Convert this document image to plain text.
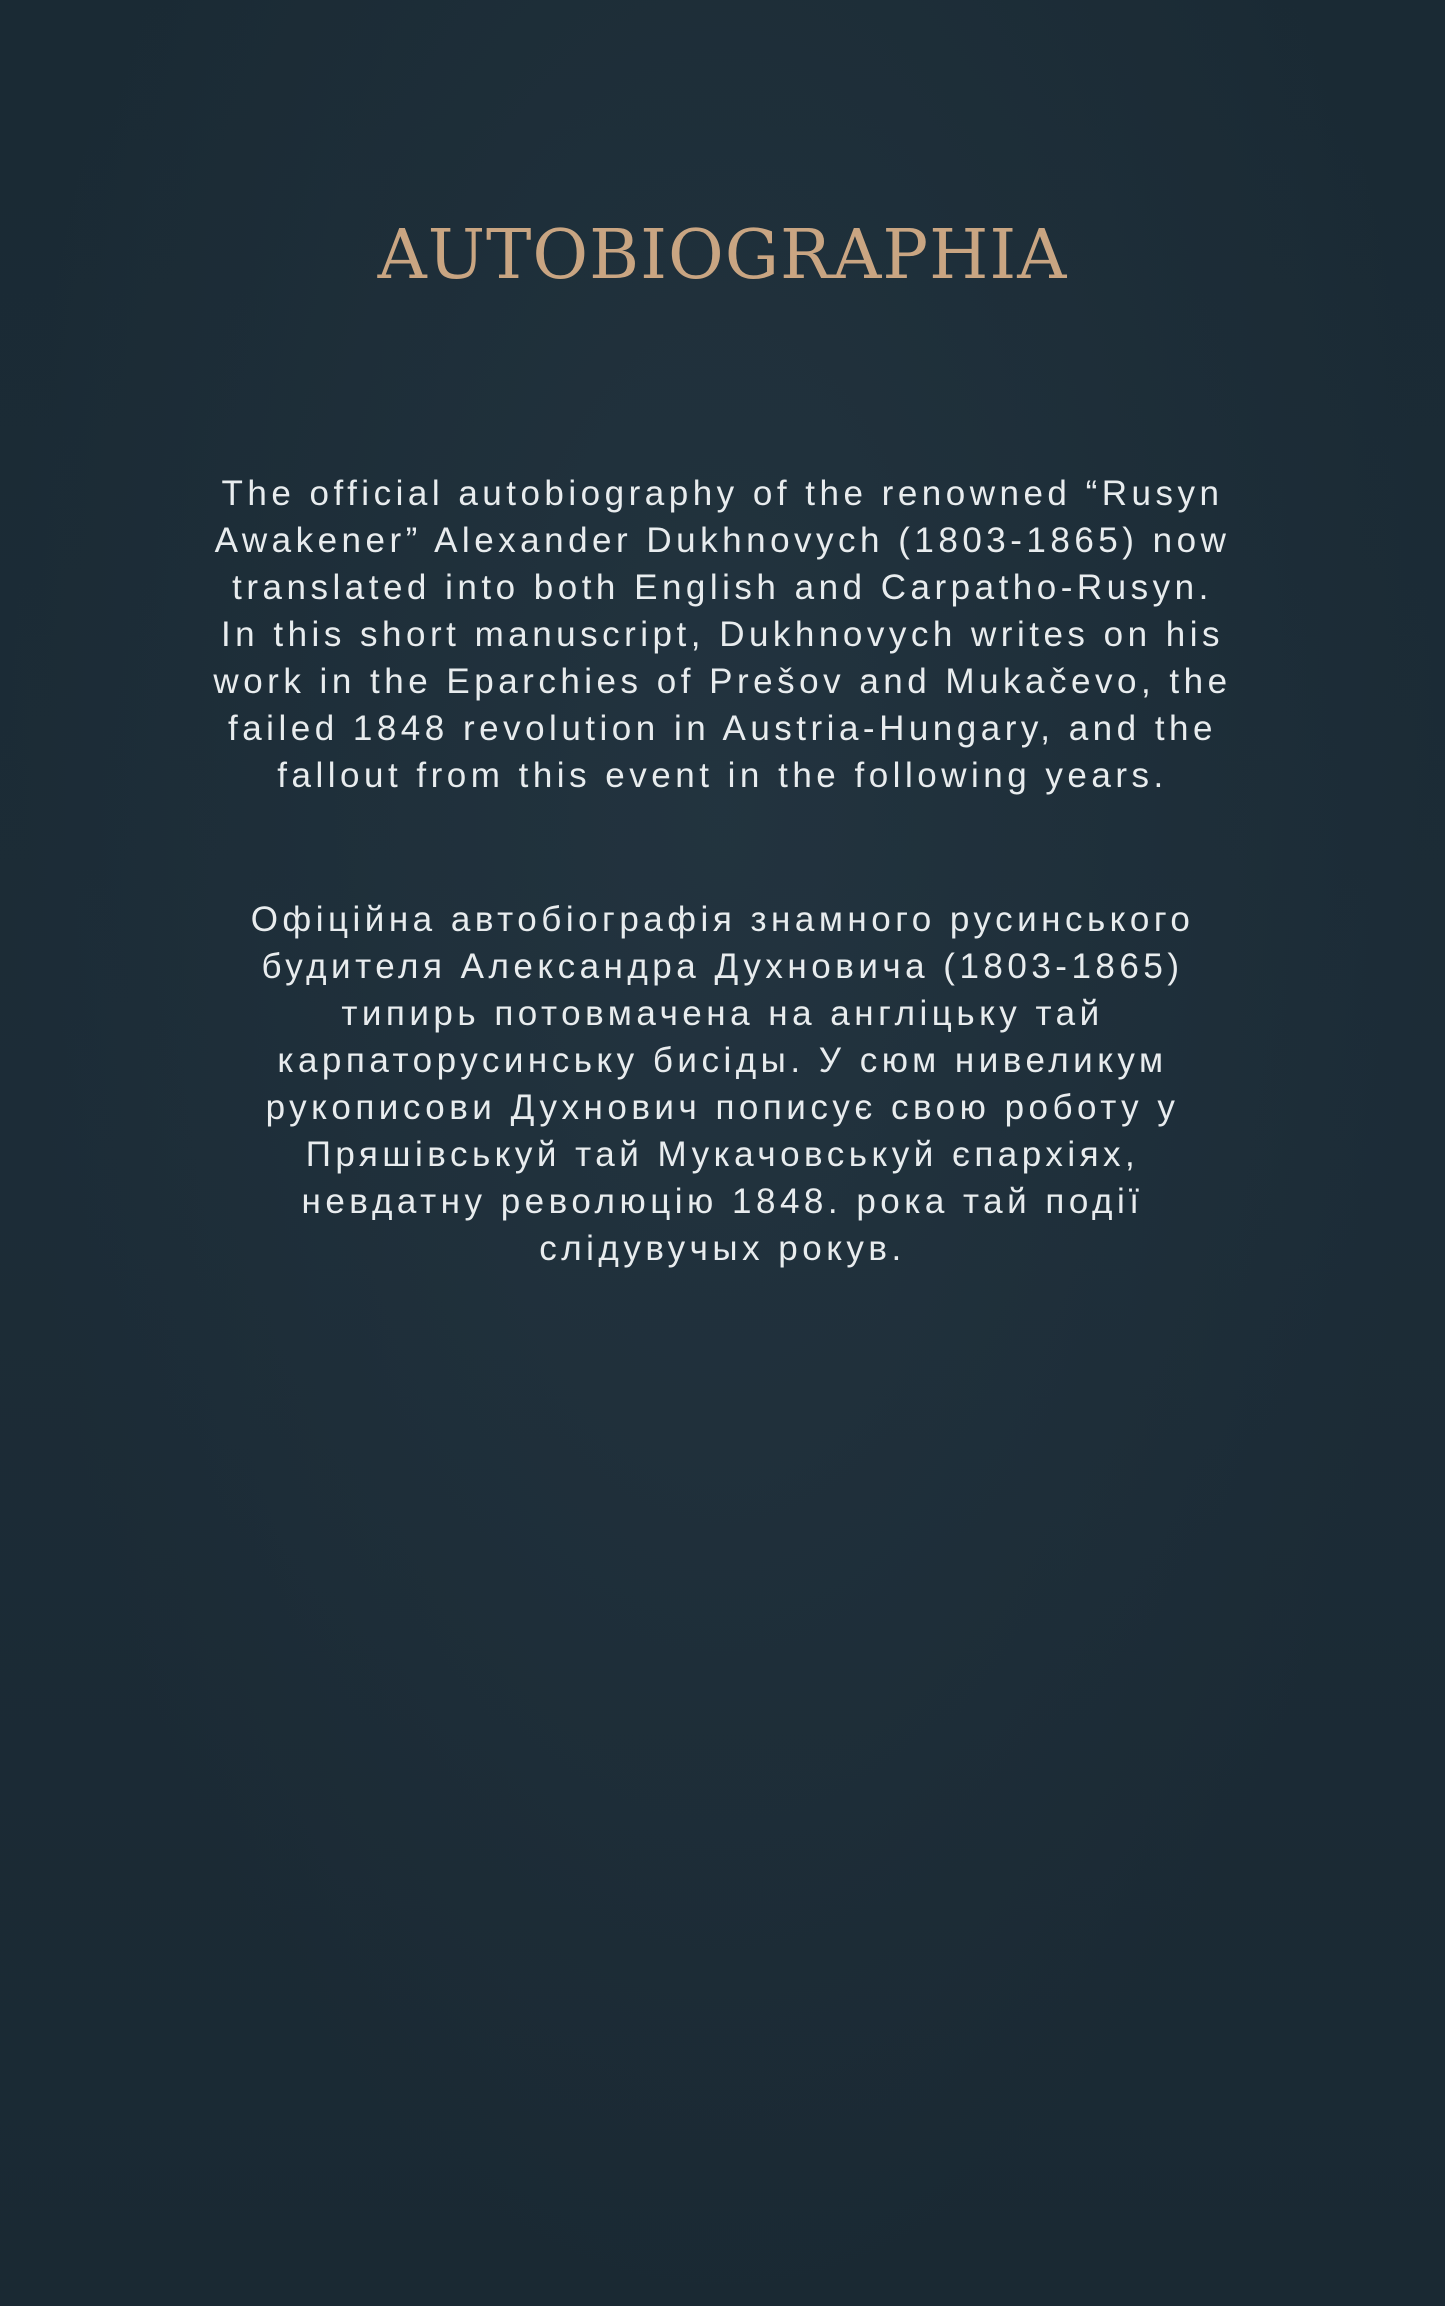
AUTOBIOGRAPHIA

The official autobiography of the renowned “Rusyn
Awakener” Alexander Dukhnovych (1803-1865) now
translated into both English and Carpatho-Rusyn.
In this short manuscript, Dukhnovych writes on his
work in the Eparchies of Prešov and Mukačevo, the
failed 1848 revolution in Austria-Hungary, and the
fallout from this event in the following years.

Офіційна автобіографія знамного русинського
будителя Александра Духновича (1803-1865)
типирь потовмачена на англіцьку тай
карпаторусинську бисіды. У сюм нивеликум
рукописови Духнович пописує свою роботу у
Пряшівськуй тай Мукачовськуй єпархіях,
невдатну революцію 1848. рока тай події
слідувучых рокув.
